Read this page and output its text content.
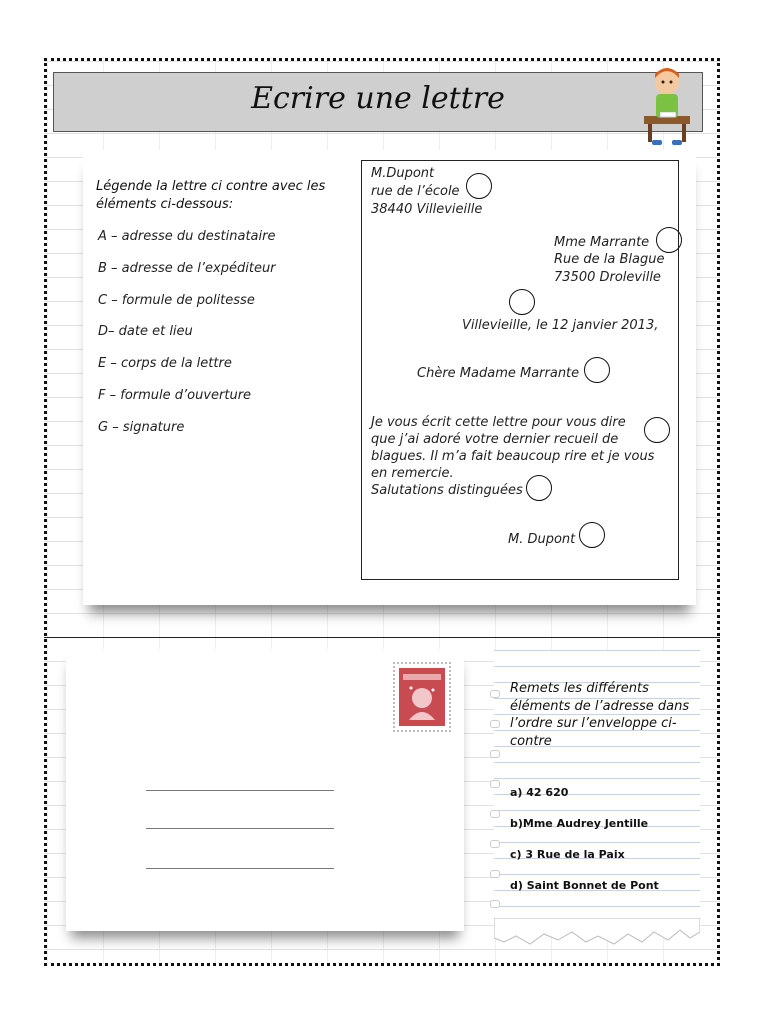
Ecrire une lettre
Légende la lettre ci contre avec les éléments ci-dessous:
A – adresse du destinataire
B – adresse de l’expéditeur
C – formule de politesse
D– date et lieu
E – corps de la lettre
F – formule d’ouverture
G – signature
M.Dupont
rue de l’école
38440 Villevieille
Mme Marrante
Rue de la Blague
73500 Droleville
Villevieille, le 12 janvier 2013,
Chère Madame Marrante
Je vous écrit cette lettre pour vous dire
que j’ai adoré votre dernier recueil de
blagues. Il m’a fait beaucoup rire et je vous
en remercie.
Salutations distinguées
M. Dupont
Remets les différents éléments de l’adresse dans l’ordre sur l’enveloppe ci-contre
a) 42 620
b)Mme Audrey Jentille
c) 3 Rue de la Paix
d) Saint Bonnet de Pont
